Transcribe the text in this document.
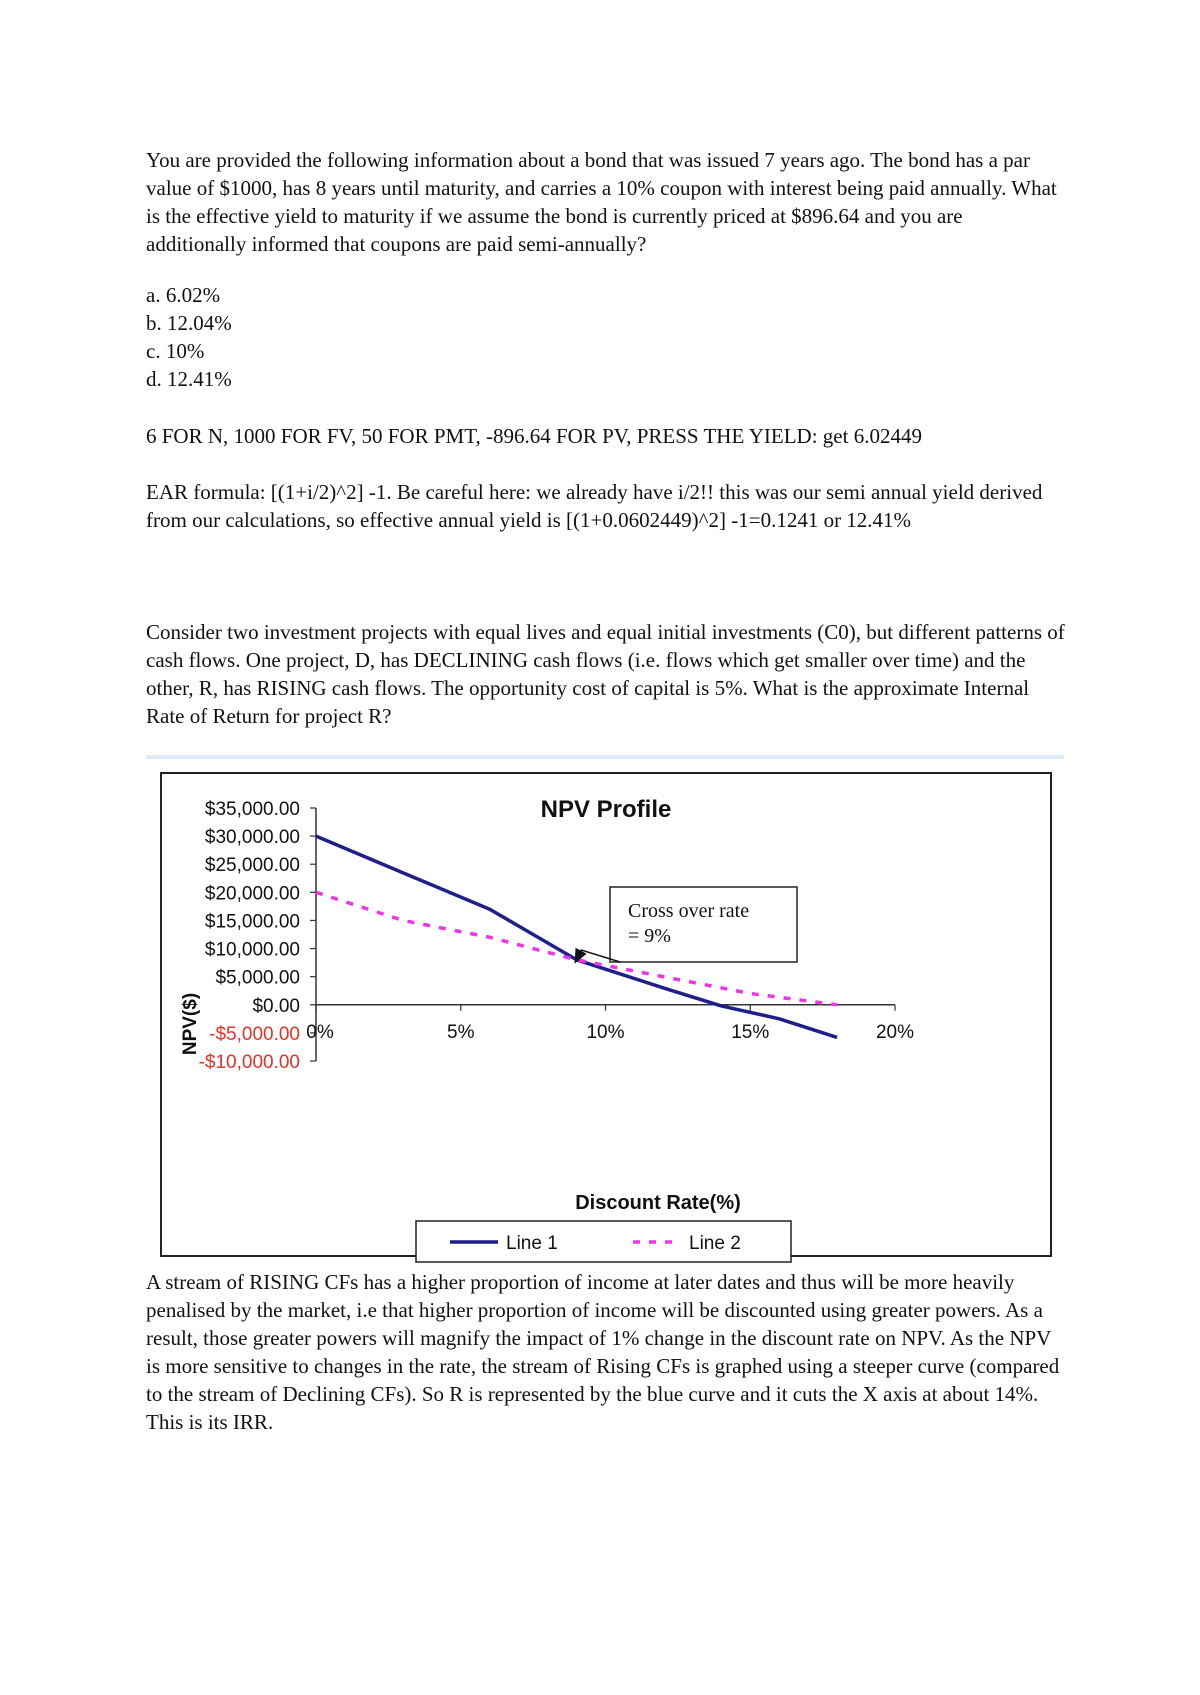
You are provided the following information about a bond that was issued 7 years ago. The bond has a par value of $1000, has 8 years until maturity, and carries a 10% coupon with interest being paid annually. What is the effective yield to maturity if we assume the bond is currently priced at $896.64 and you are additionally informed that coupons are paid semi-annually?

a. 6.02%

b. 12.04%

c. 10%

d. 12.41%

6 FOR N, 1000 FOR FV, 50 FOR PMT, -896.64 FOR PV, PRESS THE YIELD: get 6.02449

EAR formula: [(1+i/2)^2] -1. Be careful here: we already have i/2!! this was our semi annual yield derived from our calculations, so effective annual yield is [(1+0.0602449)^2] -1=0.1241 or 12.41%

Consider two investment projects with equal lives and equal initial investments (C0), but different patterns of cash flows. One project, D, has DECLINING cash flows (i.e. flows which get smaller over time) and the other, R, has RISING cash flows. The opportunity cost of capital is 5%. What is the approximate Internal Rate of Return for project R?

NPV Profile
$35,000.00
$30,000.00
$25,000.00
$20,000.00
$15,000.00
$10,000.00
$5,000.00
$0.00
-$5,000.00
-$10,000.00
0%	5%	10%	15%	20%
Cross over rate
= 9%
Discount Rate(%)
NPV($)
Line 1	Line 2

A stream of RISING CFs has a higher proportion of income at later dates and thus will be more heavily penalised by the market, i.e that higher proportion of income will be discounted using greater powers. As a result, those greater powers will magnify the impact of 1% change in the discount rate on NPV. As the NPV is more sensitive to changes in the rate, the stream of Rising CFs is graphed using a steeper curve (compared to the stream of Declining CFs). So R is represented by the blue curve and it cuts the X axis at about 14%. This is its IRR.
